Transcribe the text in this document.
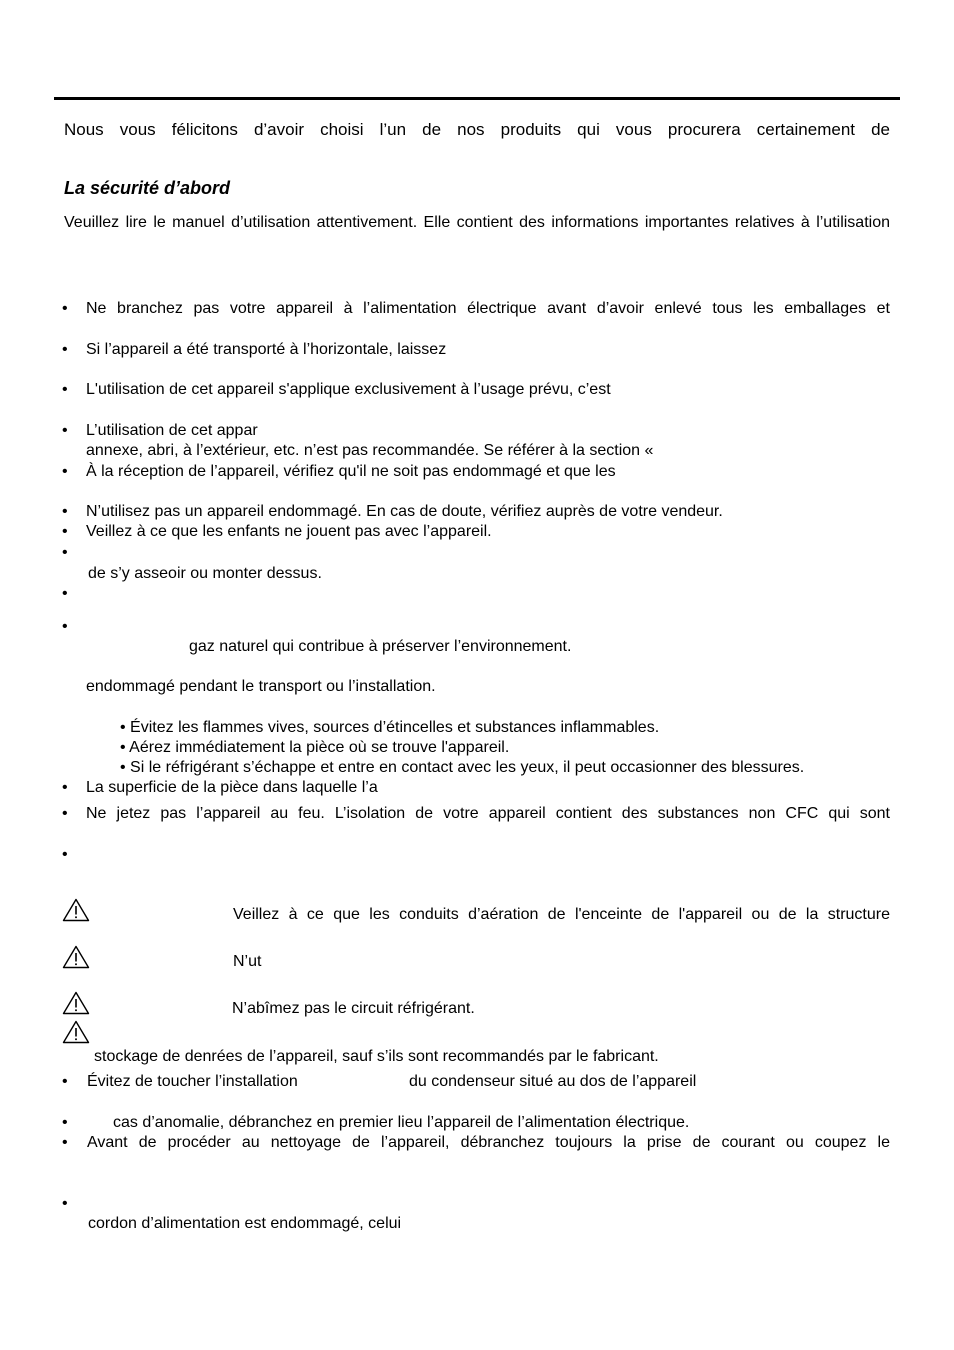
Nous vous félicitons d’avoir choisi l’un de nos produits qui vous procurera certainement de

La sécurité d’abord

Veuillez lire le manuel d’utilisation attentivement. Elle contient des informations importantes relatives à l’utilisation

• Ne branchez pas votre appareil à l’alimentation électrique avant d’avoir enlevé tous les emballages et

• Si l’appareil a été transporté à l’horizontale, laissez

• L'utilisation de cet appareil s'applique exclusivement à l’usage prévu, c’est

• L’utilisation de cet appar

annexe, abri, à l’extérieur, etc. n’est pas recommandée. Se référer à la section «

• À la réception de l’appareil, vérifiez qu'il ne soit pas endommagé et que les

• N’utilisez pas un appareil endommagé. En cas de doute, vérifiez auprès de votre vendeur.

• Veillez à ce que les enfants ne jouent pas avec l’appareil.

•

de s’y asseoir ou monter dessus.

•
•

gaz naturel qui contribue à préserver l’environnement.

endommagé pendant le transport ou l’installation.

• Évitez les flammes vives, sources d’étincelles et substances inflammables.

• Aérez immédiatement la pièce où se trouve l'appareil.

• Si le réfrigérant s’échappe et entre en contact avec les yeux, il peut occasionner des blessures.

• La superficie de la pièce dans laquelle l’a

• Ne jetez pas l’appareil au feu. L’isolation de votre appareil contient des substances non CFC qui sont

•

Veillez à ce que les conduits d’aération de l'enceinte de l'appareil ou de la structure

N’ut

N’abîmez pas le circuit réfrigérant.

stockage de denrées de l’appareil, sauf s’ils sont recommandés par le fabricant.

• Évitez de toucher l’installation	du condenseur situé au dos de l’appareil

•	cas d’anomalie, débranchez en premier lieu l’appareil de l’alimentation électrique.

• Avant de procéder au nettoyage de l’appareil, débranchez toujours la prise de courant ou coupez le

•

cordon d’alimentation est endommagé, celui
